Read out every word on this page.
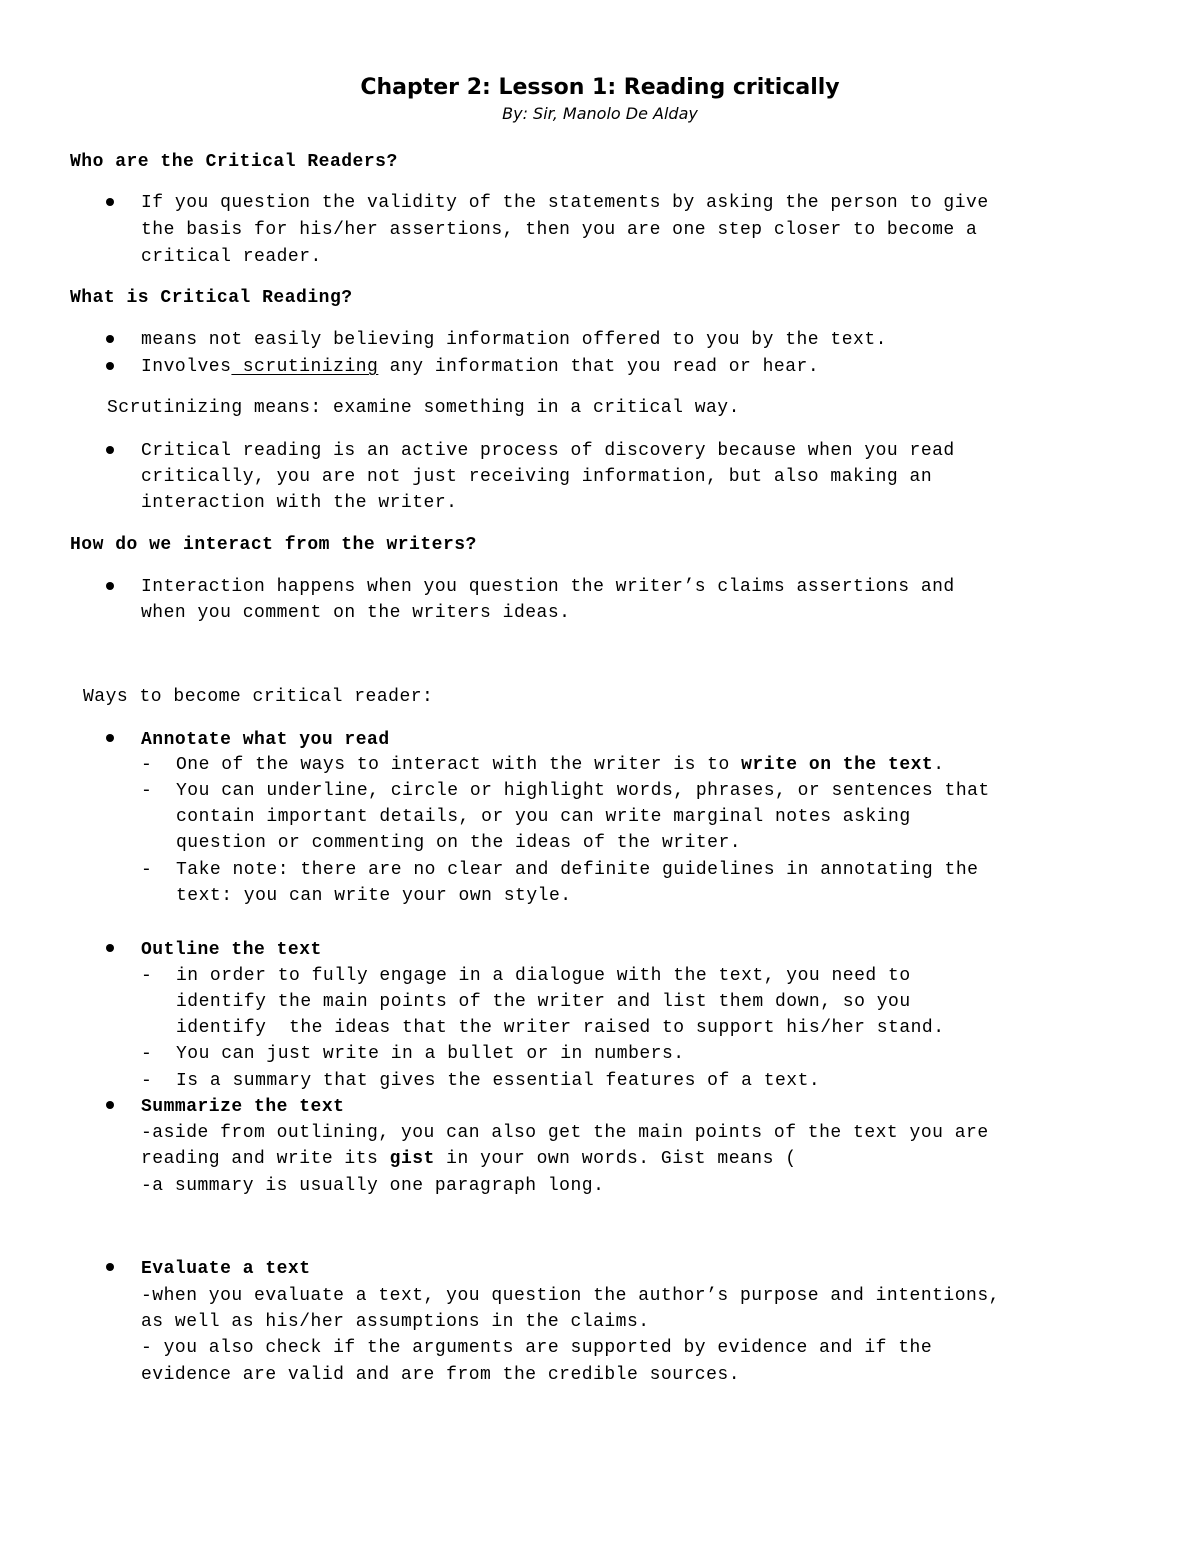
Chapter 2: Lesson 1: Reading critically
By: Sir, Manolo De Alday
Who are the Critical Readers?
If you question the validity of the statements by asking the person to give
the basis for his/her assertions, then you are one step closer to become a
critical reader.
What is Critical Reading?
means not easily believing information offered to you by the text.
Involves scrutinizing any information that you read or hear.
Scrutinizing means: examine something in a critical way.
Critical reading is an active process of discovery because when you read
critically, you are not just receiving information, but also making an
interaction with the writer.
How do we interact from the writers?
Interaction happens when you question the writer’s claims assertions and
when you comment on the writers ideas.
Ways to become critical reader:
Annotate what you read
- One of the ways to interact with the writer is to write on the text.
- You can underline, circle or highlight words, phrases, or sentences that
contain important details, or you can write marginal notes asking
question or commenting on the ideas of the writer.
- Take note: there are no clear and definite guidelines in annotating the
text: you can write your own style.
Outline the text
- in order to fully engage in a dialogue with the text, you need to
identify the main points of the writer and list them down, so you
identify  the ideas that the writer raised to support his/her stand.
- You can just write in a bullet or in numbers.
- Is a summary that gives the essential features of a text.
Summarize the text
-aside from outlining, you can also get the main points of the text you are
reading and write its gist in your own words. Gist means (
-a summary is usually one paragraph long.
Evaluate a text
-when you evaluate a text, you question the author’s purpose and intentions,
as well as his/her assumptions in the claims.
- you also check if the arguments are supported by evidence and if the
evidence are valid and are from the credible sources.
